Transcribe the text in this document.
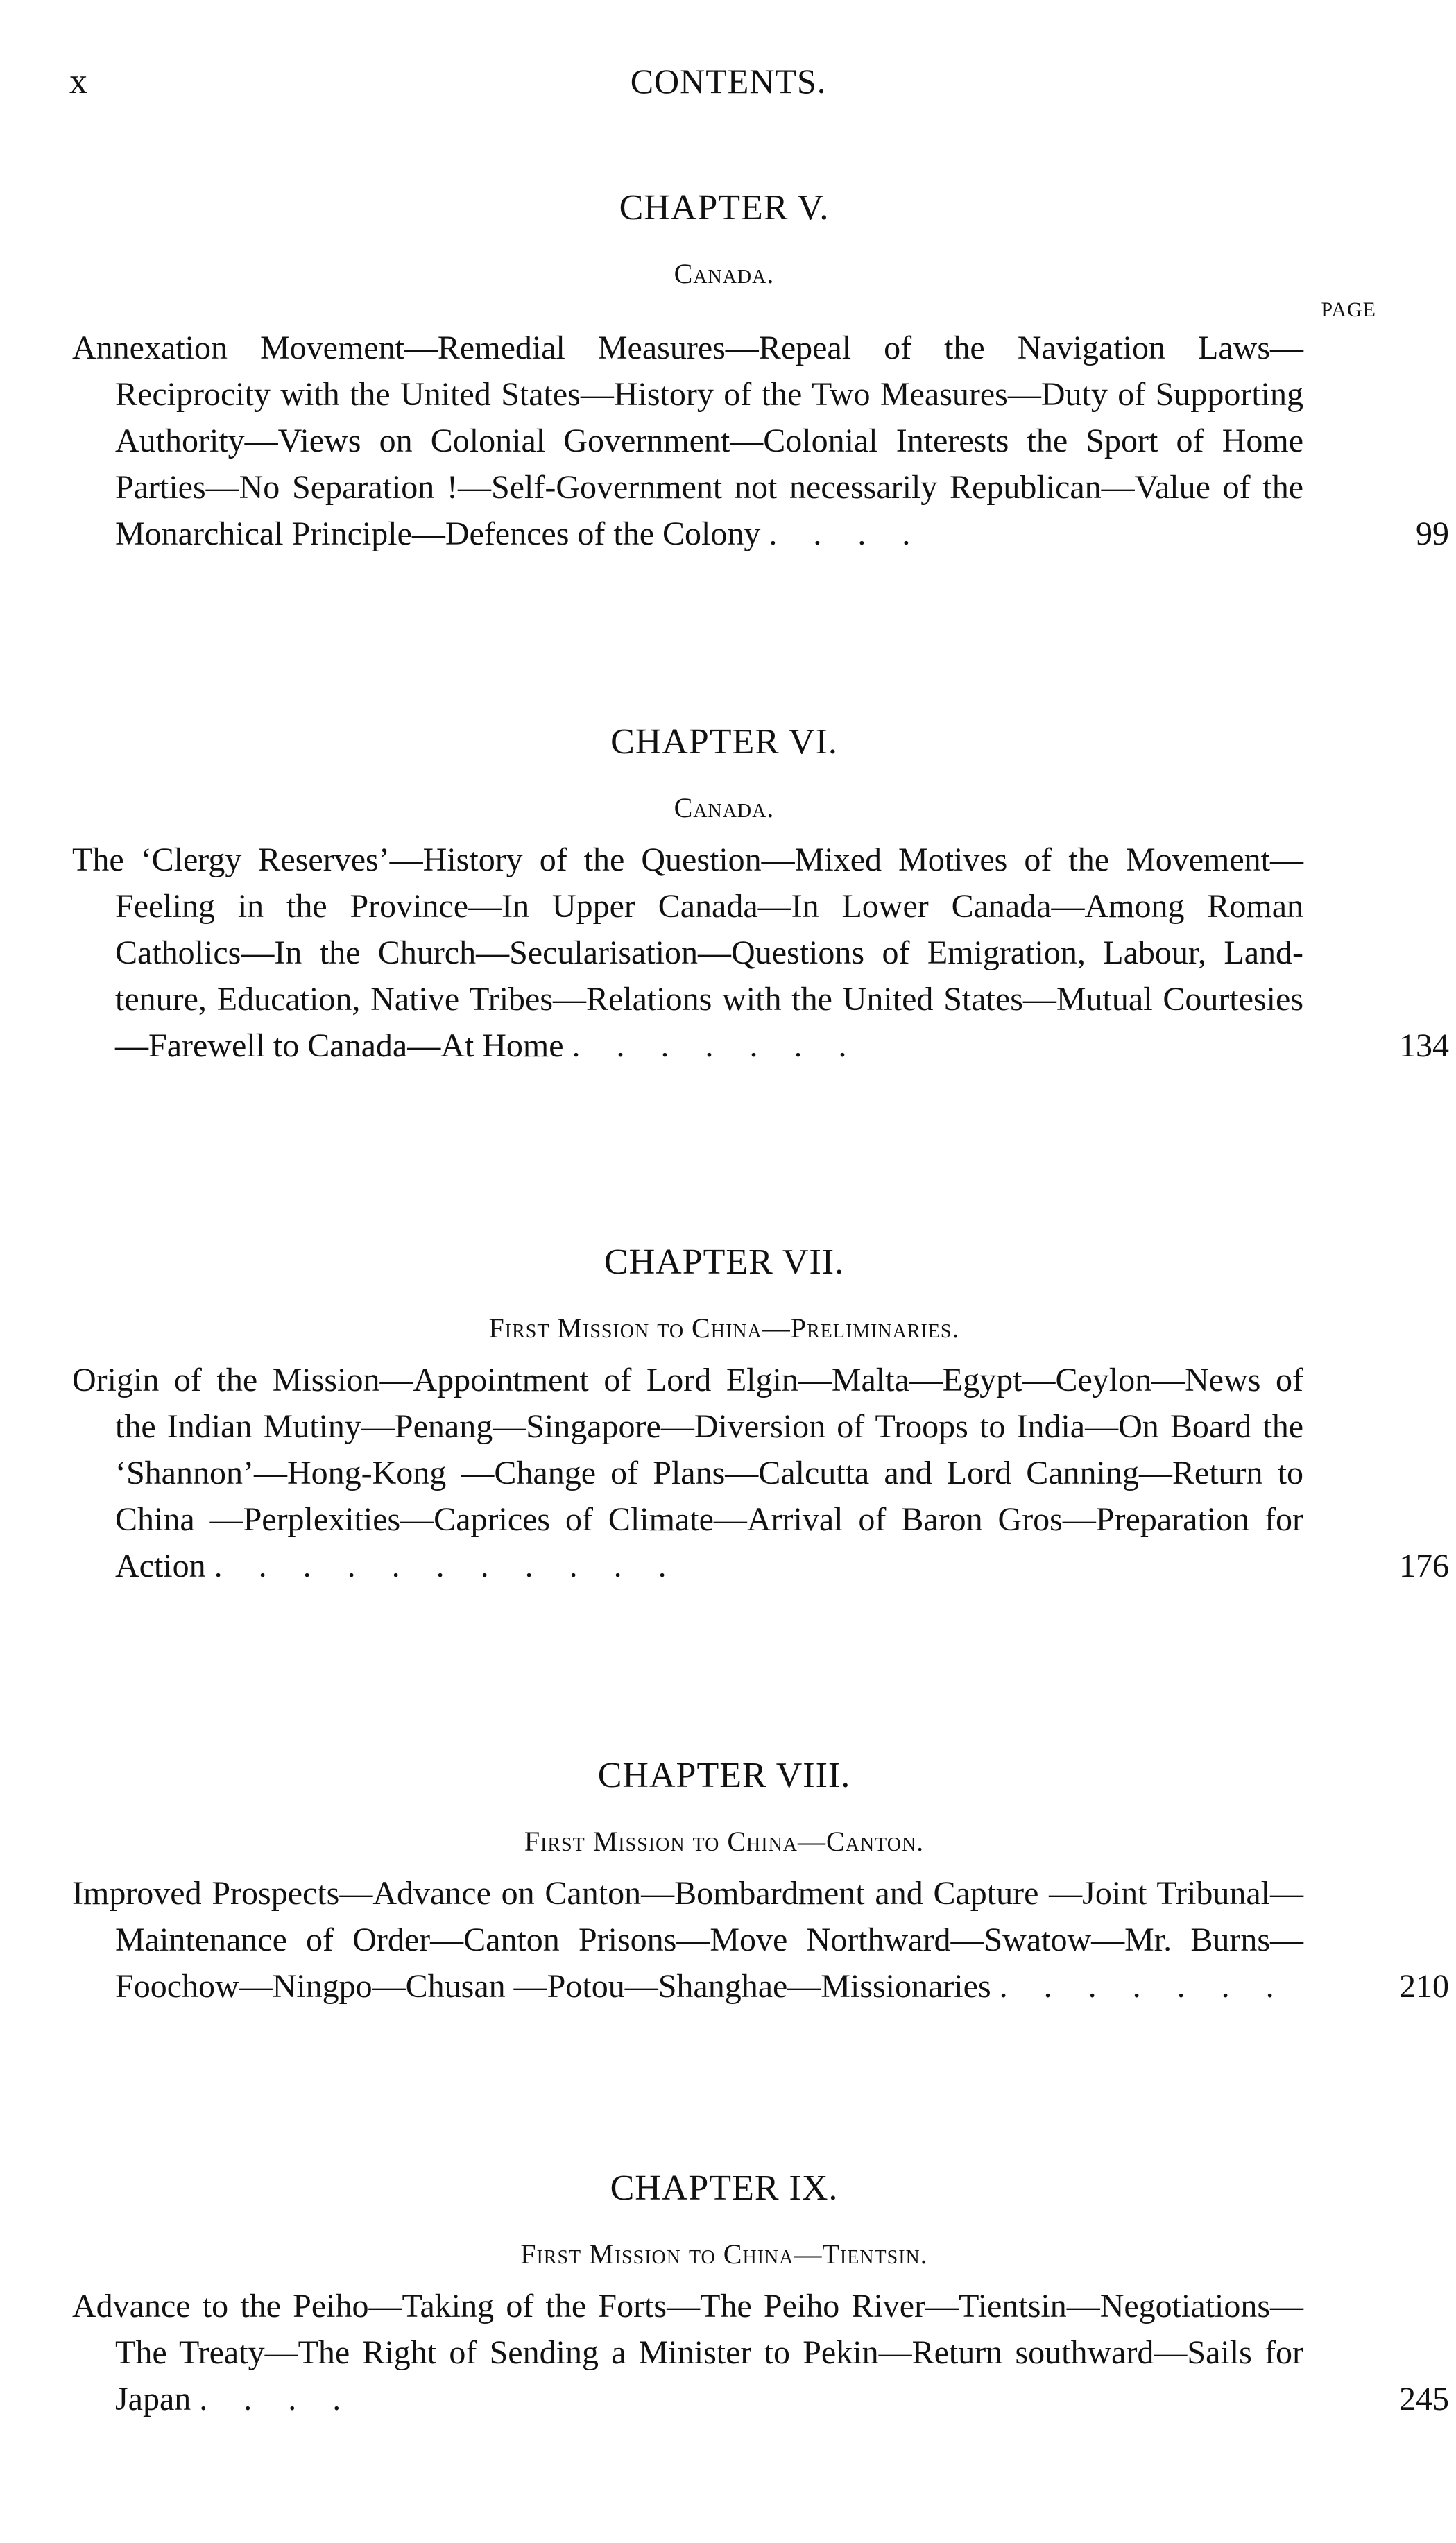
x	CONTENTS.
CHAPTER V.
Canada.
PAGE
Annexation Movement—Remedial Measures—Repeal of the Navigation Laws—Reciprocity with the United States—History of the Two Measures—Duty of Supporting Authority—Views on Colonial Government—Colonial Interests the Sport of Home Parties—No Separation !—Self-Government not necessarily Republican—Value of the Monarchical Principle—Defences of the Colony . . . .	99
CHAPTER VI.
Canada.
The ‘Clergy Reserves’—History of the Question—Mixed Motives of the Movement—Feeling in the Province—In Upper Canada—In Lower Canada—Among Roman Catholics—In the Church—Secularisation—Questions of Emigration, Labour, Land-tenure, Education, Native Tribes—Relations with the United States—Mutual Courtesies —Farewell to Canada—At Home . . . . . . .	134
CHAPTER VII.
First Mission to China—Preliminaries.
Origin of the Mission—Appointment of Lord Elgin—Malta—Egypt—Ceylon—News of the Indian Mutiny—Penang—Singapore—Diversion of Troops to India—On Board the ‘Shannon’—Hong-Kong —Change of Plans—Calcutta and Lord Canning—Return to China —Perplexities—Caprices of Climate—Arrival of Baron Gros—Preparation for Action . . . . . . . . . . .	176
CHAPTER VIII.
First Mission to China—Canton.
Improved Prospects—Advance on Canton—Bombardment and Capture —Joint Tribunal—Maintenance of Order—Canton Prisons—Move Northward—Swatow—Mr. Burns—Foochow—Ningpo—Chusan —Potou—Shanghae—Missionaries . . . . . . .	210
CHAPTER IX.
First Mission to China—Tientsin.
Advance to the Peiho—Taking of the Forts—The Peiho River—Tientsin—Negotiations—The Treaty—The Right of Sending a Minister to Pekin—Return southward—Sails for Japan . . . .	245
